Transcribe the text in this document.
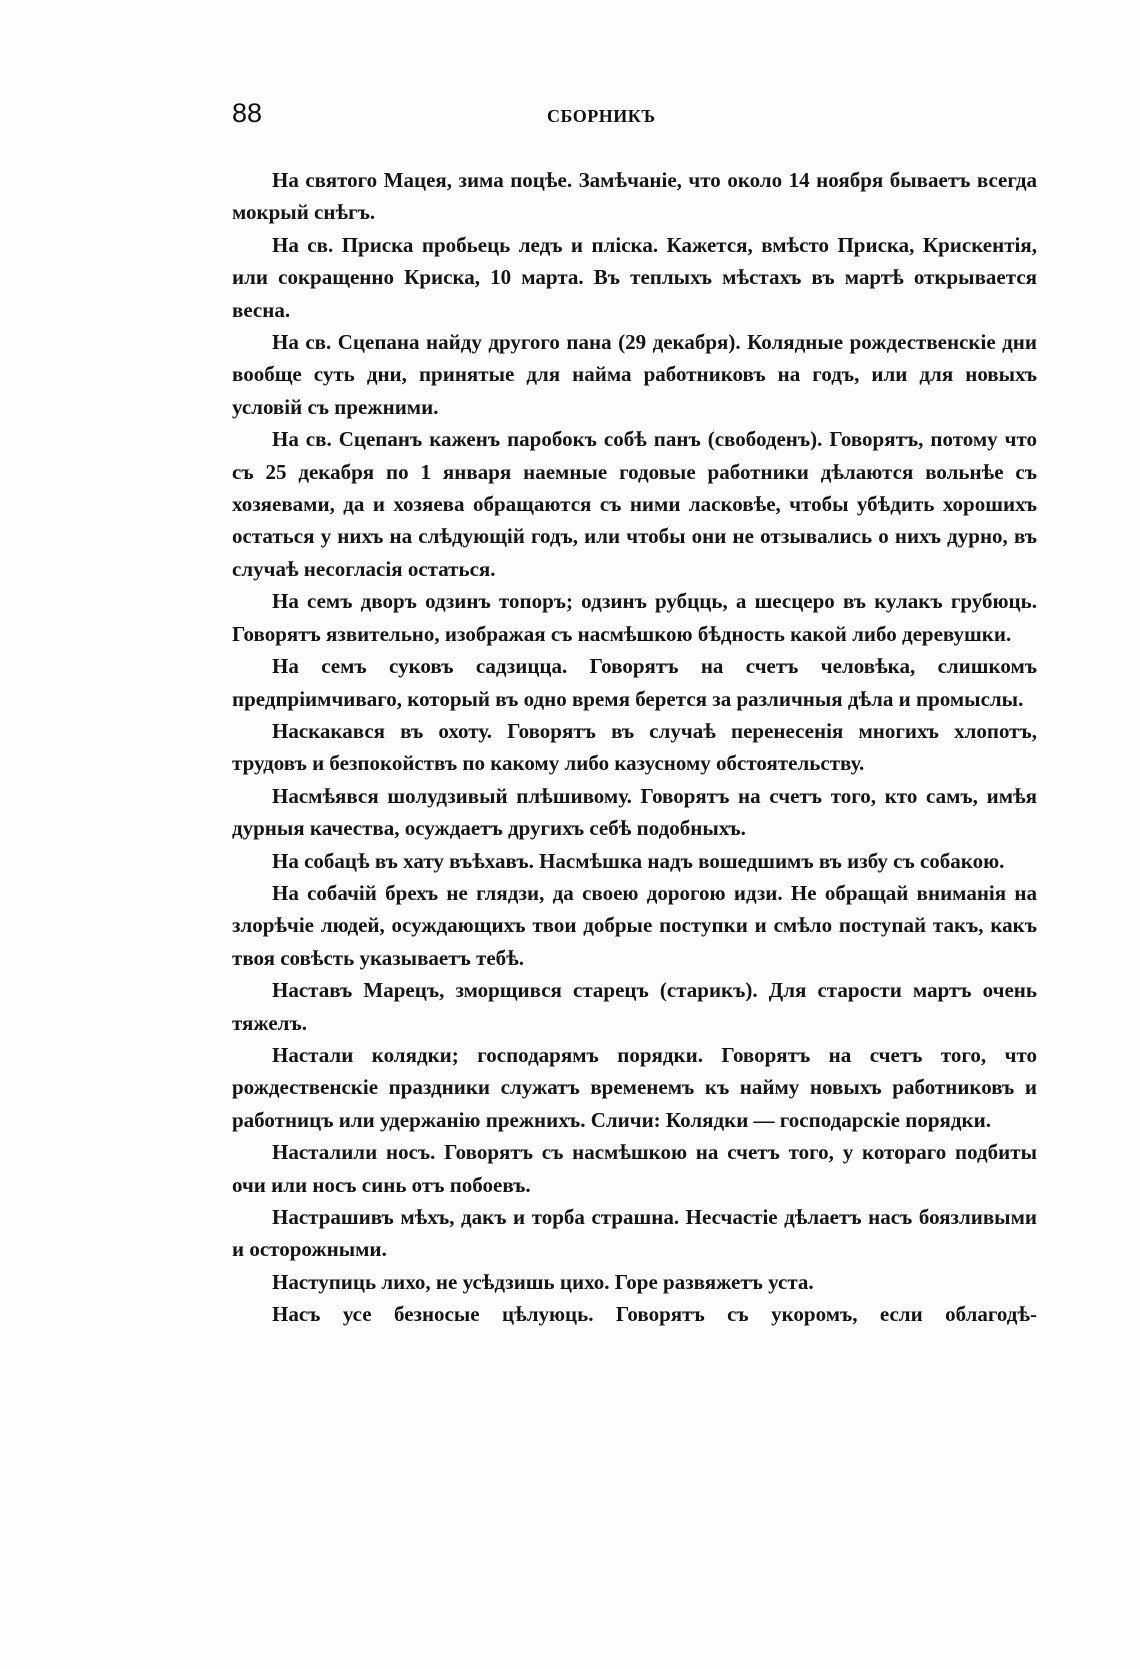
88	СБОРНИКЪ

На святого Мацея, зима поцѣе. Замѣчаніе, что около 14 ноября бываетъ всегда мокрый снѣгъ.

На св. Приска пробьець ледъ и пліска. Кажется, вмѣсто Приска, Крискентія, или сокращенно Криска, 10 марта. Въ теплыхъ мѣстахъ въ мартѣ открывается весна.

На св. Сцепана найду другого пана (29 декабря). Колядные рождественскіе дни вообще суть дни, принятые для найма работниковъ на годъ, или для новыхъ условій съ прежними.

На св. Сцепанъ каженъ паробокъ собѣ панъ (свободенъ). Говорятъ, потому что съ 25 декабря по 1 января наемные годовые работники дѣлаются вольнѣе съ хозяевами, да и хозяева обращаются съ ними ласковѣе, чтобы убѣдить хорошихъ остаться у нихъ на слѣдующій годъ, или чтобы они не отзывались о нихъ дурно, въ случаѣ несогласія остаться.

На семъ дворъ одзинъ топоръ; одзинъ рубцць, а шесцеро въ кулакъ грубюць. Говорятъ язвительно, изображая съ насмѣшкою бѣдность какой либо деревушки.

На семъ суковъ садзицца. Говорятъ на счетъ человѣка, слишкомъ предпріимчиваго, который въ одно время берется за различныя дѣла и промыслы.

Наскакався въ охоту. Говорятъ въ случаѣ перенесенія многихъ хлопотъ, трудовъ и безпокойствъ по какому либо казусному обстоятельству.

Насмѣявся шолудзивый плѣшивому. Говорятъ на счетъ того, кто самъ, имѣя дурныя качества, осуждаетъ другихъ себѣ подобныхъ.

На собацѣ въ хату въѣхавъ. Насмѣшка надъ вошедшимъ въ избу съ собакою.

На собачій брехъ не глядзи, да своею дорогою идзи. Не обращай вниманія на злорѣчіе людей, осуждающихъ твои добрые поступки и смѣло поступай такъ, какъ твоя совѣсть указываетъ тебѣ.

Наставъ Марецъ, зморщився старецъ (старикъ). Для старости мартъ очень тяжелъ.

Настали колядки; господарямъ порядки. Говорятъ на счетъ того, что рождественскіе праздники служатъ временемъ къ найму новыхъ работниковъ и работницъ или удержанію прежнихъ. Сличи: Колядки — господарскіе порядки.

Насталили носъ. Говорятъ съ насмѣшкою на счетъ того, у котораго подбиты очи или носъ синь отъ побоевъ.

Настрашивъ мѣхъ, дакъ и торба страшна. Несчастіе дѣлаетъ насъ боязливыми и осторожными.

Наступиць лихо, не усѣдзишь цихо. Горе развяжетъ уста.

Насъ усе безносые цѣлуюць. Говорятъ съ укоромъ, если облагодѣ-
